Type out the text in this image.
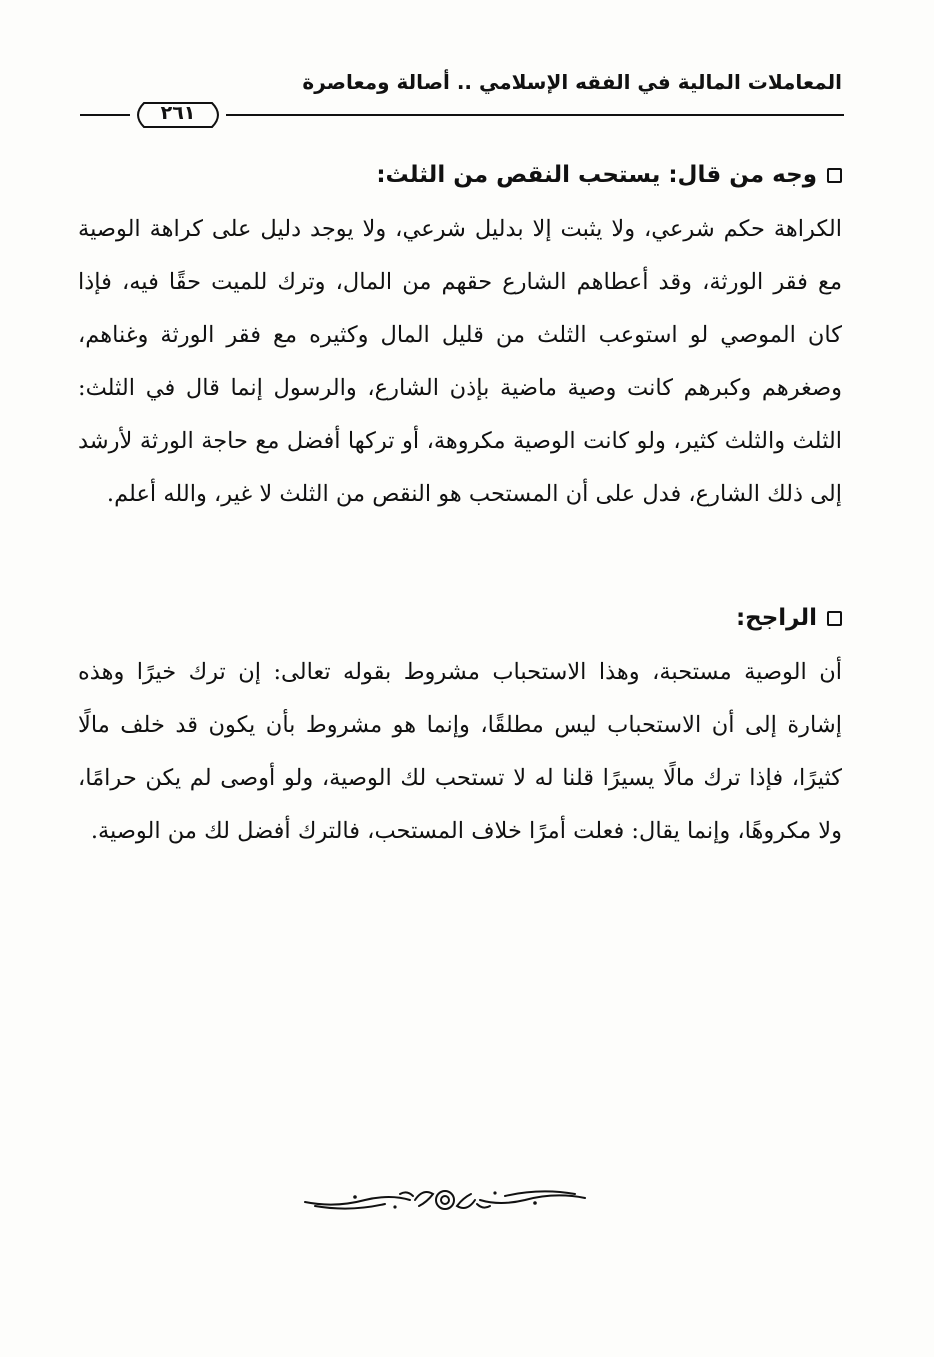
المعاملات المالية في الفقه الإسلامي .. أصالة ومعاصرة
٢٦١
وجه من قال: يستحب النقص من الثلث:
الكراهة حكم شرعي، ولا يثبت إلا بدليل شرعي، ولا يوجد دليل على كراهة الوصية مع فقر الورثة، وقد أعطاهم الشارع حقهم من المال، وترك للميت حقًا فيه، فإذا كان الموصي لو استوعب الثلث من قليل المال وكثيره مع فقر الورثة وغناهم، وصغرهم وكبرهم كانت وصية ماضية بإذن الشارع، والرسول إنما قال في الثلث: الثلث والثلث كثير، ولو كانت الوصية مكروهة، أو تركها أفضل مع حاجة الورثة لأرشد إلى ذلك الشارع، فدل على أن المستحب هو النقص من الثلث لا غير، والله أعلم.
الراجح:
أن الوصية مستحبة، وهذا الاستحباب مشروط بقوله تعالى: إن ترك خيرًا وهذه إشارة إلى أن الاستحباب ليس مطلقًا، وإنما هو مشروط بأن يكون قد خلف مالًا كثيرًا، فإذا ترك مالًا يسيرًا قلنا له لا تستحب لك الوصية، ولو أوصى لم يكن حرامًا، ولا مكروهًا، وإنما يقال: فعلت أمرًا خلاف المستحب، فالترك أفضل لك من الوصية.
